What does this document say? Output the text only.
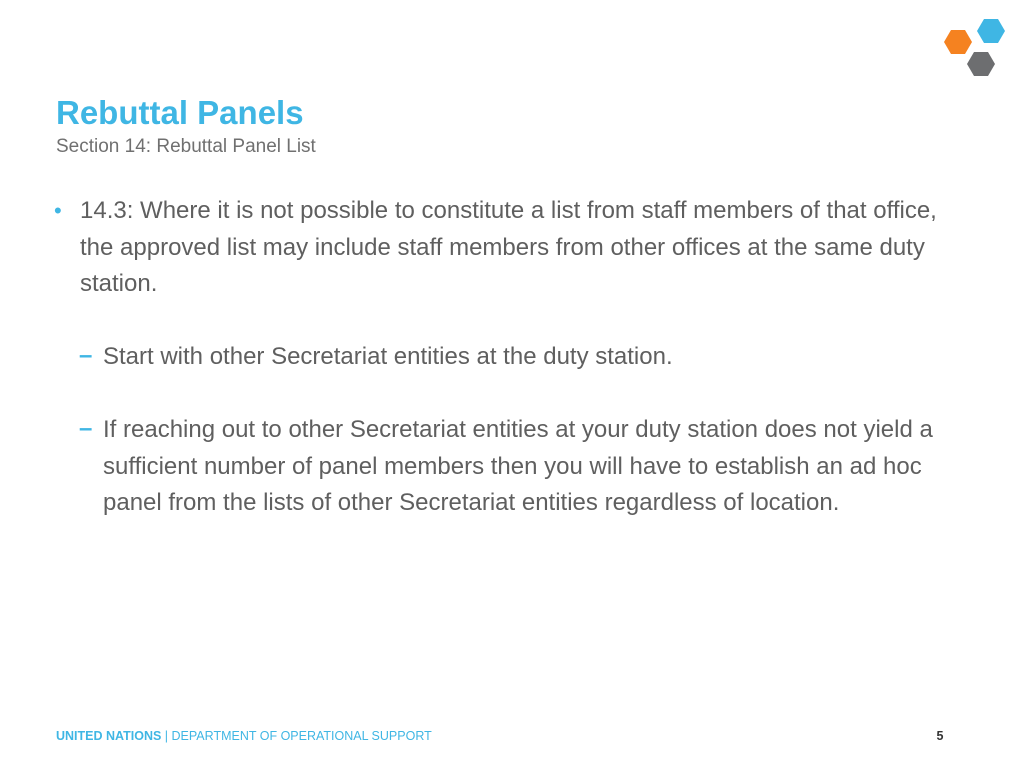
Rebuttal Panels

Section 14: Rebuttal Panel List

• 14.3: Where it is not possible to constitute a list from staff members of that office, the approved list may include staff members from other offices at the same duty station.
– Start with other Secretariat entities at the duty station.
– If reaching out to other Secretariat entities at your duty station does not yield a sufficient number of panel members then you will have to establish an ad hoc panel from the lists of other Secretariat entities regardless of location.
UNITED NATIONS | DEPARTMENT OF OPERATIONAL SUPPORT	5
